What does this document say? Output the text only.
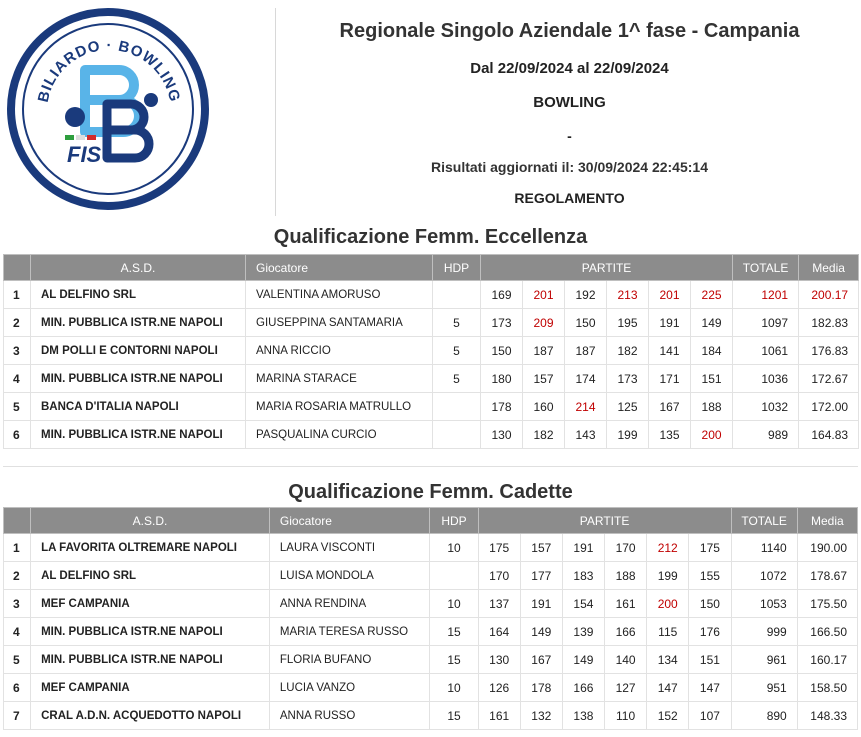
BILIARDO · BOWLING
FIS
Regionale Singolo Aziendale 1^ fase - Campania
Dal 22/09/2024 al 22/09/2024
BOWLING
-
Risultati aggiornati il: 30/09/2024 22:45:14
REGOLAMENTO
Qualificazione Femm. Eccellenza
	A.S.D.	Giocatore	HDP	PARTITE						TOTALE	Media
1	AL DELFINO SRL	VALENTINA AMORUSO		169	201	192	213	201	225	1201	200.17
2	MIN. PUBBLICA ISTR.NE NAPOLI	GIUSEPPINA SANTAMARIA	5	173	209	150	195	191	149	1097	182.83
3	DM POLLI E CONTORNI NAPOLI	ANNA RICCIO	5	150	187	187	182	141	184	1061	176.83
4	MIN. PUBBLICA ISTR.NE NAPOLI	MARINA STARACE	5	180	157	174	173	171	151	1036	172.67
5	BANCA D'ITALIA NAPOLI	MARIA ROSARIA MATRULLO		178	160	214	125	167	188	1032	172.00
6	MIN. PUBBLICA ISTR.NE NAPOLI	PASQUALINA CURCIO		130	182	143	199	135	200	989	164.83
Qualificazione Femm. Cadette
	A.S.D.	Giocatore	HDP	PARTITE						TOTALE	Media
1	LA FAVORITA OLTREMARE NAPOLI	LAURA VISCONTI	10	175	157	191	170	212	175	1140	190.00
2	AL DELFINO SRL	LUISA MONDOLA		170	177	183	188	199	155	1072	178.67
3	MEF CAMPANIA	ANNA RENDINA	10	137	191	154	161	200	150	1053	175.50
4	MIN. PUBBLICA ISTR.NE NAPOLI	MARIA TERESA RUSSO	15	164	149	139	166	115	176	999	166.50
5	MIN. PUBBLICA ISTR.NE NAPOLI	FLORIA BUFANO	15	130	167	149	140	134	151	961	160.17
6	MEF CAMPANIA	LUCIA VANZO	10	126	178	166	127	147	147	951	158.50
7	CRAL A.D.N. ACQUEDOTTO NAPOLI	ANNA RUSSO	15	161	132	138	110	152	107	890	148.33
